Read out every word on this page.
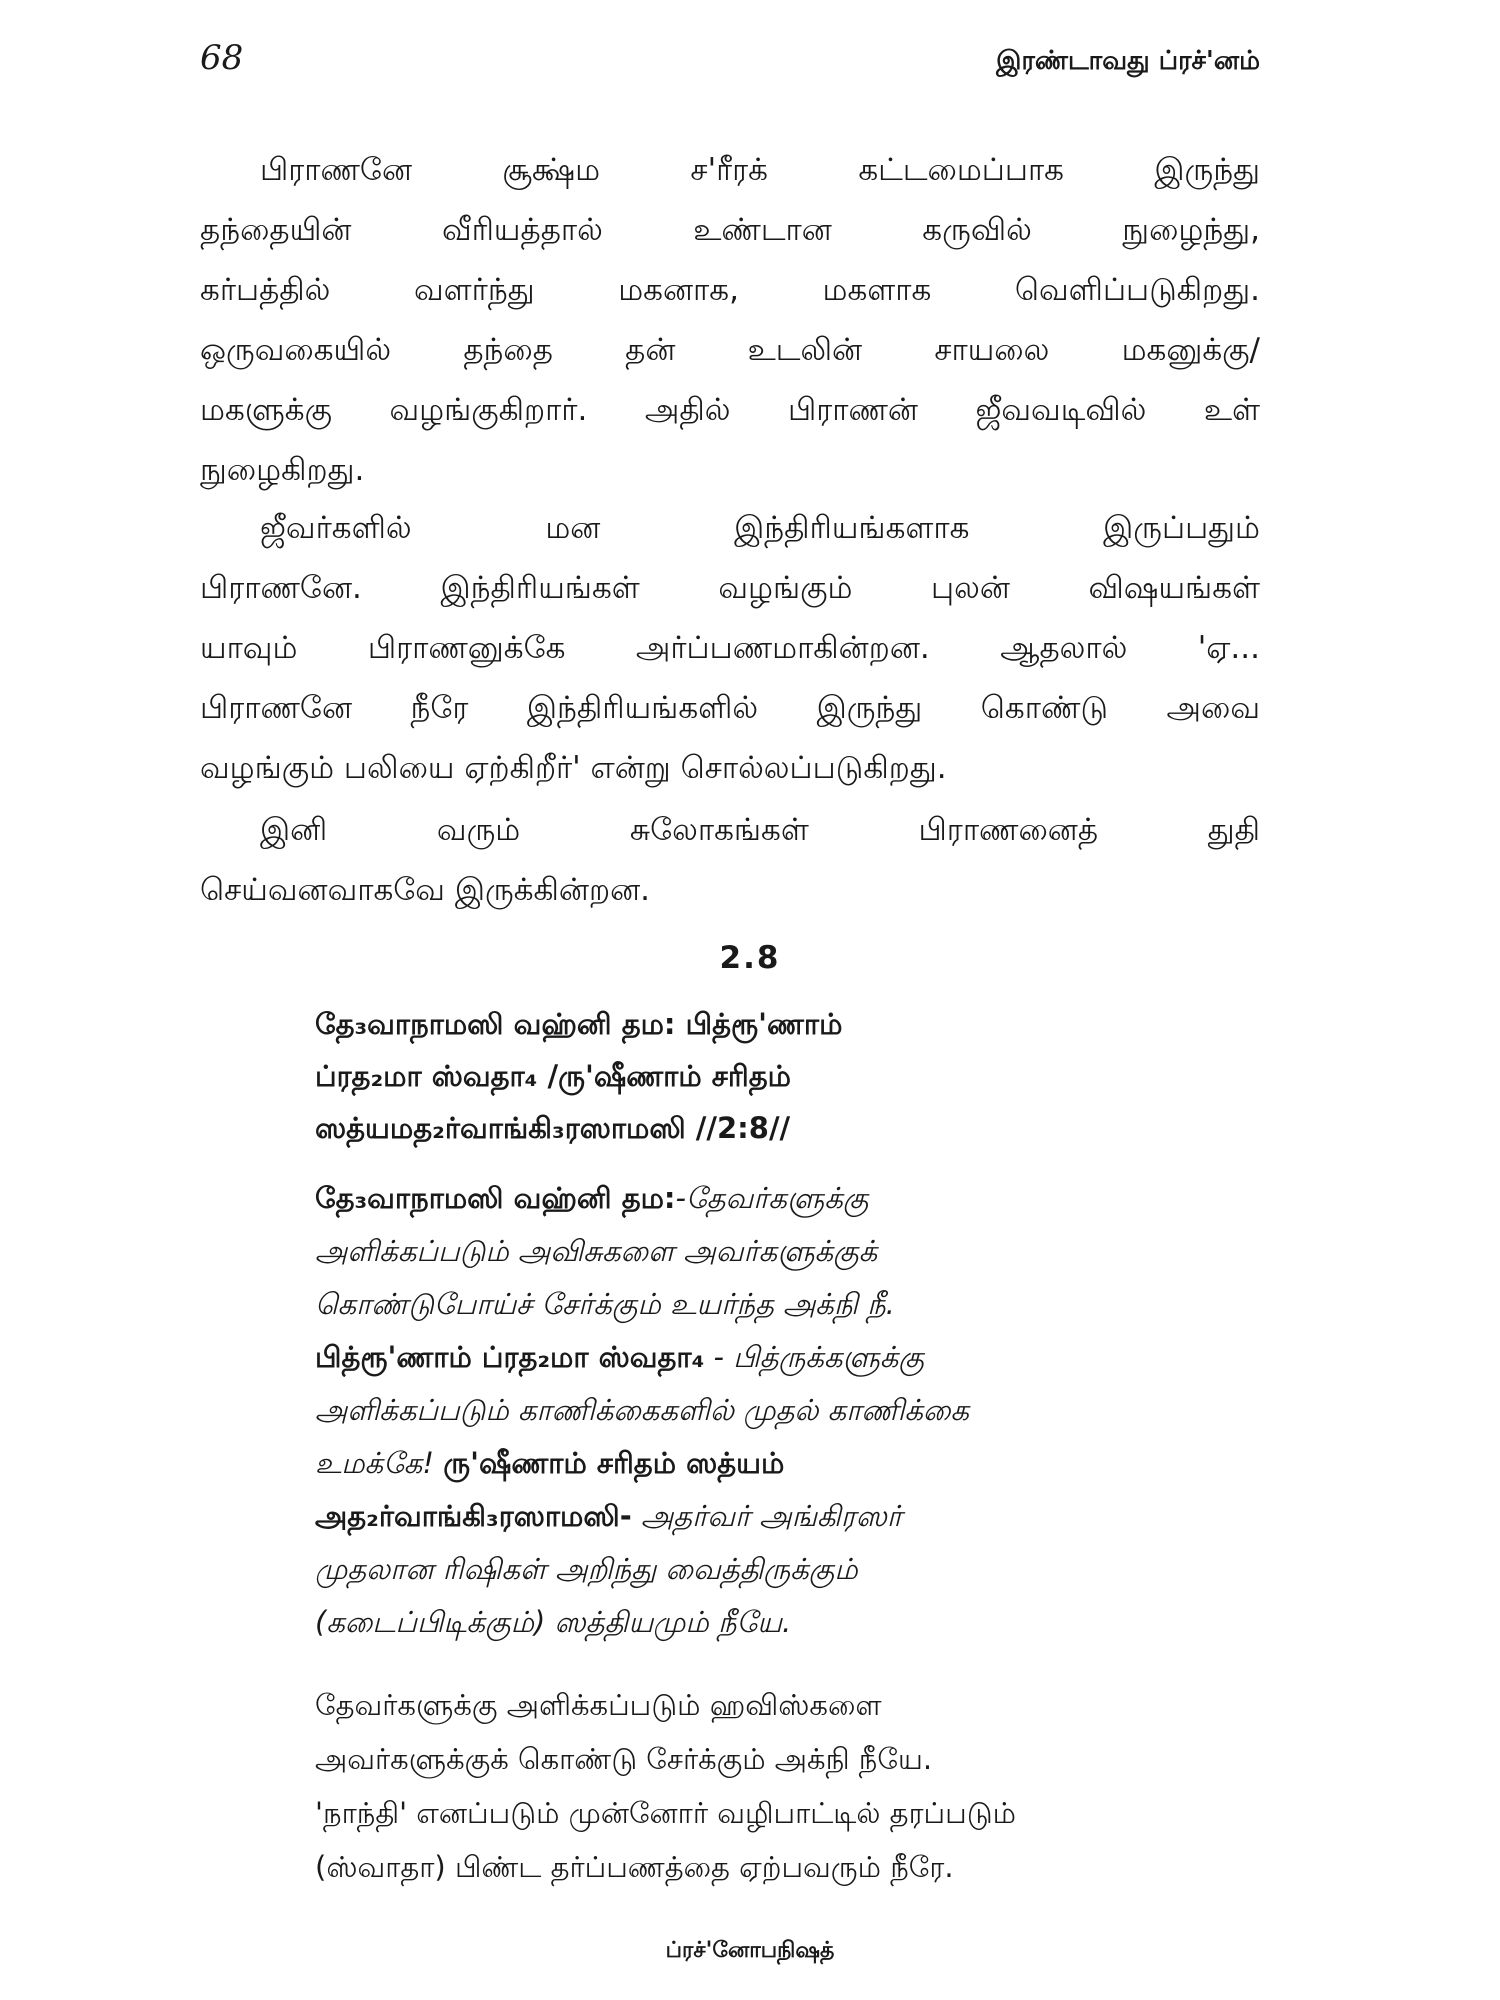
68	இரண்டாவது ப்ரச்'னம்
பிராணனே சூக்ஷ்ம ச'ரீரக் கட்டமைப்பாக இருந்து
தந்தையின் வீரியத்தால் உண்டான கருவில் நுழைந்து,
கர்பத்தில் வளர்ந்து மகனாக, மகளாக வெளிப்படுகிறது.
ஒருவகையில் தந்தை தன் உடலின் சாயலை மகனுக்கு/
மகளுக்கு வழங்குகிறார். அதில் பிராணன் ஜீவவடிவில் உள்
நுழைகிறது.
ஜீவர்களில் மன இந்திரியங்களாக இருப்பதும்
பிராணனே. இந்திரியங்கள் வழங்கும் புலன் விஷயங்கள்
யாவும் பிராணனுக்கே அர்ப்பணமாகின்றன. ஆதலால் 'ஏ...
பிராணனே நீரே இந்திரியங்களில் இருந்து கொண்டு அவை
வழங்கும் பலியை ஏற்கிறீர்' என்று சொல்லப்படுகிறது.
இனி வரும் சுலோகங்கள் பிராணனைத் துதி
செய்வனவாகவே இருக்கின்றன.
2.8
தே₃வாநாமஸி வஹ்னி தம: பித்ரூ'ணாம்
ப்ரத₂மா ஸ்வதா₄ /ரு'ஷீணாம் சரிதம்
ஸத்யமத₂ர்வாங்கி₃ரஸாமஸி //2:8//
தே₃வாநாமஸி வஹ்னி தம:-தேவர்களுக்கு
அளிக்கப்படும் அவிசுகளை அவர்களுக்குக்
கொண்டுபோய்ச் சேர்க்கும் உயர்ந்த அக்நி நீ.
பித்ரூ'ணாம் ப்ரத₂மா ஸ்வதா₄ - பித்ருக்களுக்கு
அளிக்கப்படும் காணிக்கைகளில் முதல் காணிக்கை
உமக்கே! ரு'ஷீணாம் சரிதம் ஸத்யம்
அத₂ர்வாங்கி₃ரஸாமஸி- அதர்வர் அங்கிரஸர்
முதலான ரிஷிகள் அறிந்து வைத்திருக்கும்
(கடைப்பிடிக்கும்) ஸத்தியமும் நீயே.
தேவர்களுக்கு அளிக்கப்படும் ஹவிஸ்களை
அவர்களுக்குக் கொண்டு சேர்க்கும் அக்நி நீயே.
'நாந்தி' எனப்படும் முன்னோர் வழிபாட்டில் தரப்படும்
(ஸ்வாதா) பிண்ட தர்ப்பணத்தை ஏற்பவரும் நீரே.
ப்ரச்'னோபநிஷத்
